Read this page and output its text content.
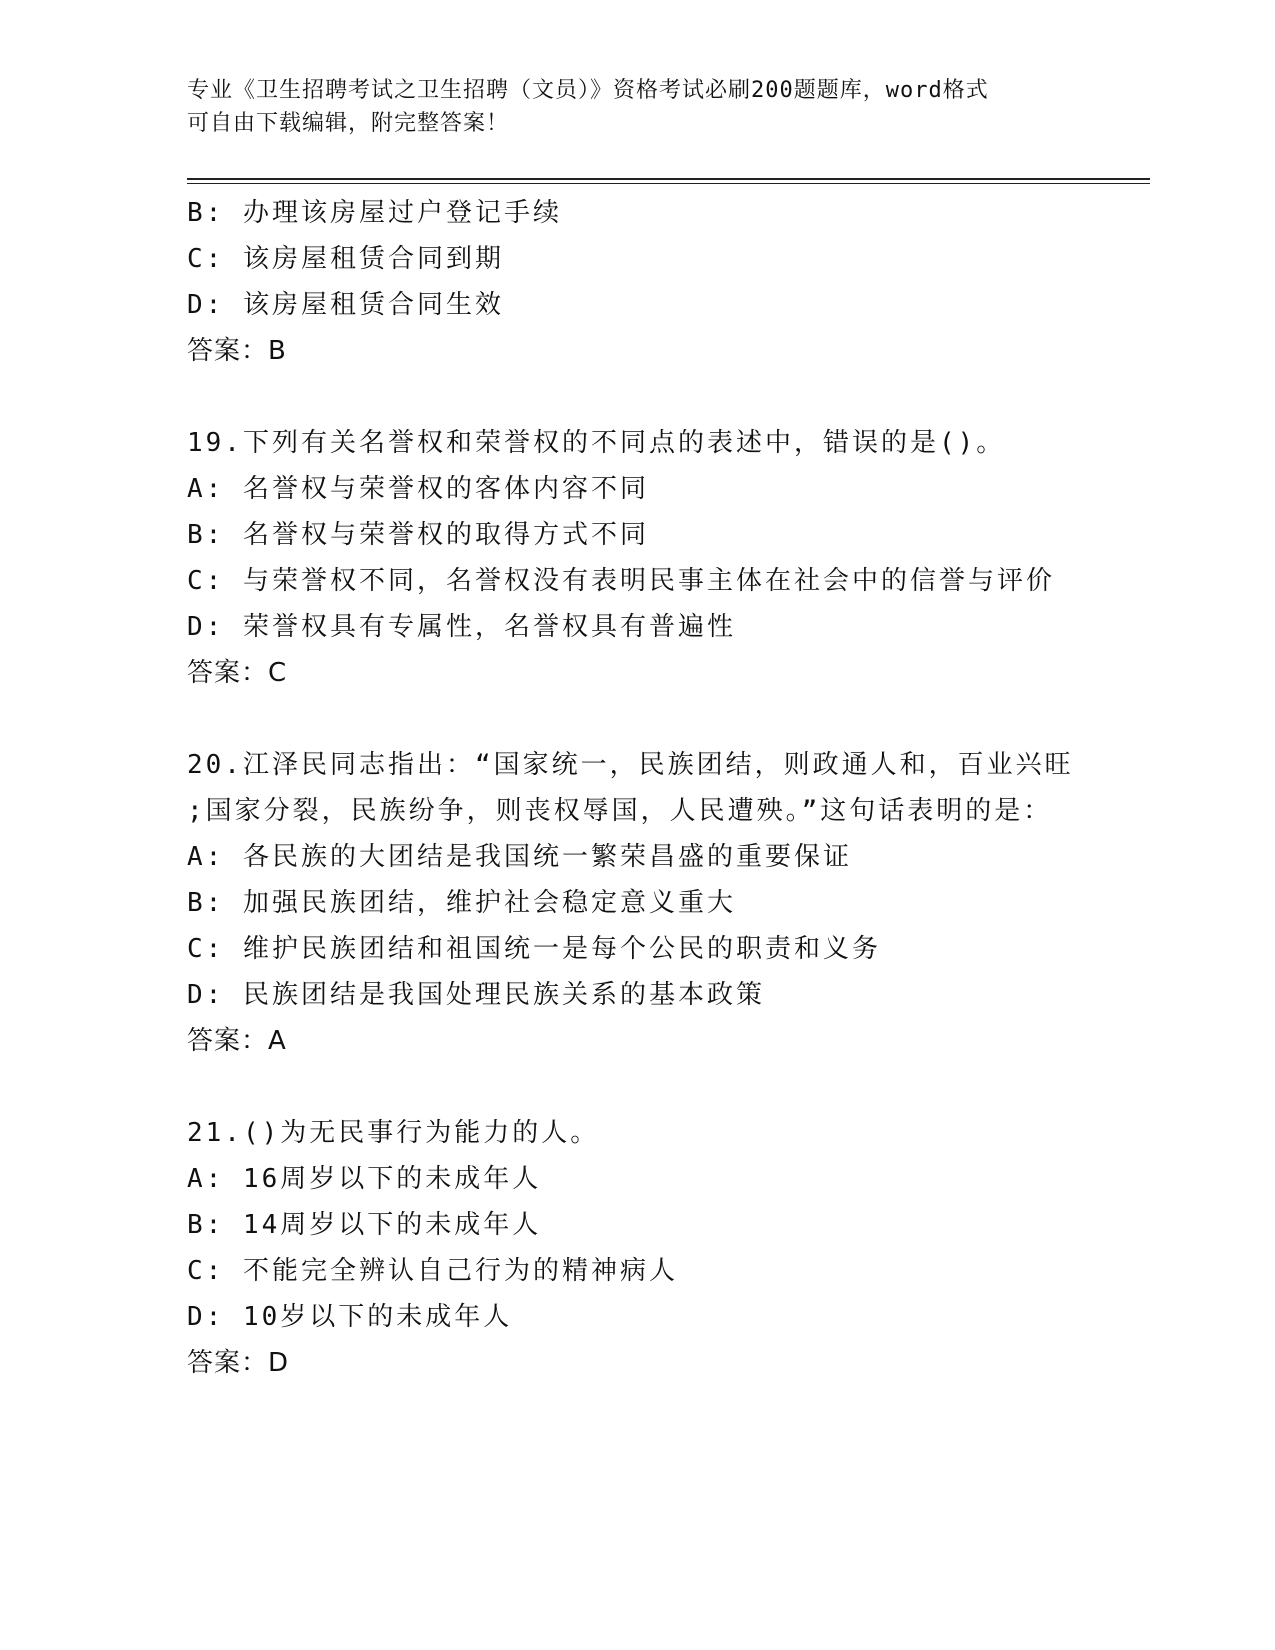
专业《卫生招聘考试之卫生招聘（文员）》资格考试必刷200题题库，word格式
可自由下载编辑，附完整答案！
B: 办理该房屋过户登记手续
C: 该房屋租赁合同到期
D: 该房屋租赁合同生效
答案：B
19.下列有关名誉权和荣誉权的不同点的表述中，错误的是()。
A: 名誉权与荣誉权的客体内容不同
B: 名誉权与荣誉权的取得方式不同
C: 与荣誉权不同，名誉权没有表明民事主体在社会中的信誉与评价
D: 荣誉权具有专属性，名誉权具有普遍性
答案：C
20.江泽民同志指出：“国家统一，民族团结，则政通人和，百业兴旺
;国家分裂，民族纷争，则丧权辱国，人民遭殃。”这句话表明的是：
A: 各民族的大团结是我国统一繁荣昌盛的重要保证
B: 加强民族团结，维护社会稳定意义重大
C: 维护民族团结和祖国统一是每个公民的职责和义务
D: 民族团结是我国处理民族关系的基本政策
答案：A
21.()为无民事行为能力的人。
A: 16周岁以下的未成年人
B: 14周岁以下的未成年人
C: 不能完全辨认自己行为的精神病人
D: 10岁以下的未成年人
答案：D
